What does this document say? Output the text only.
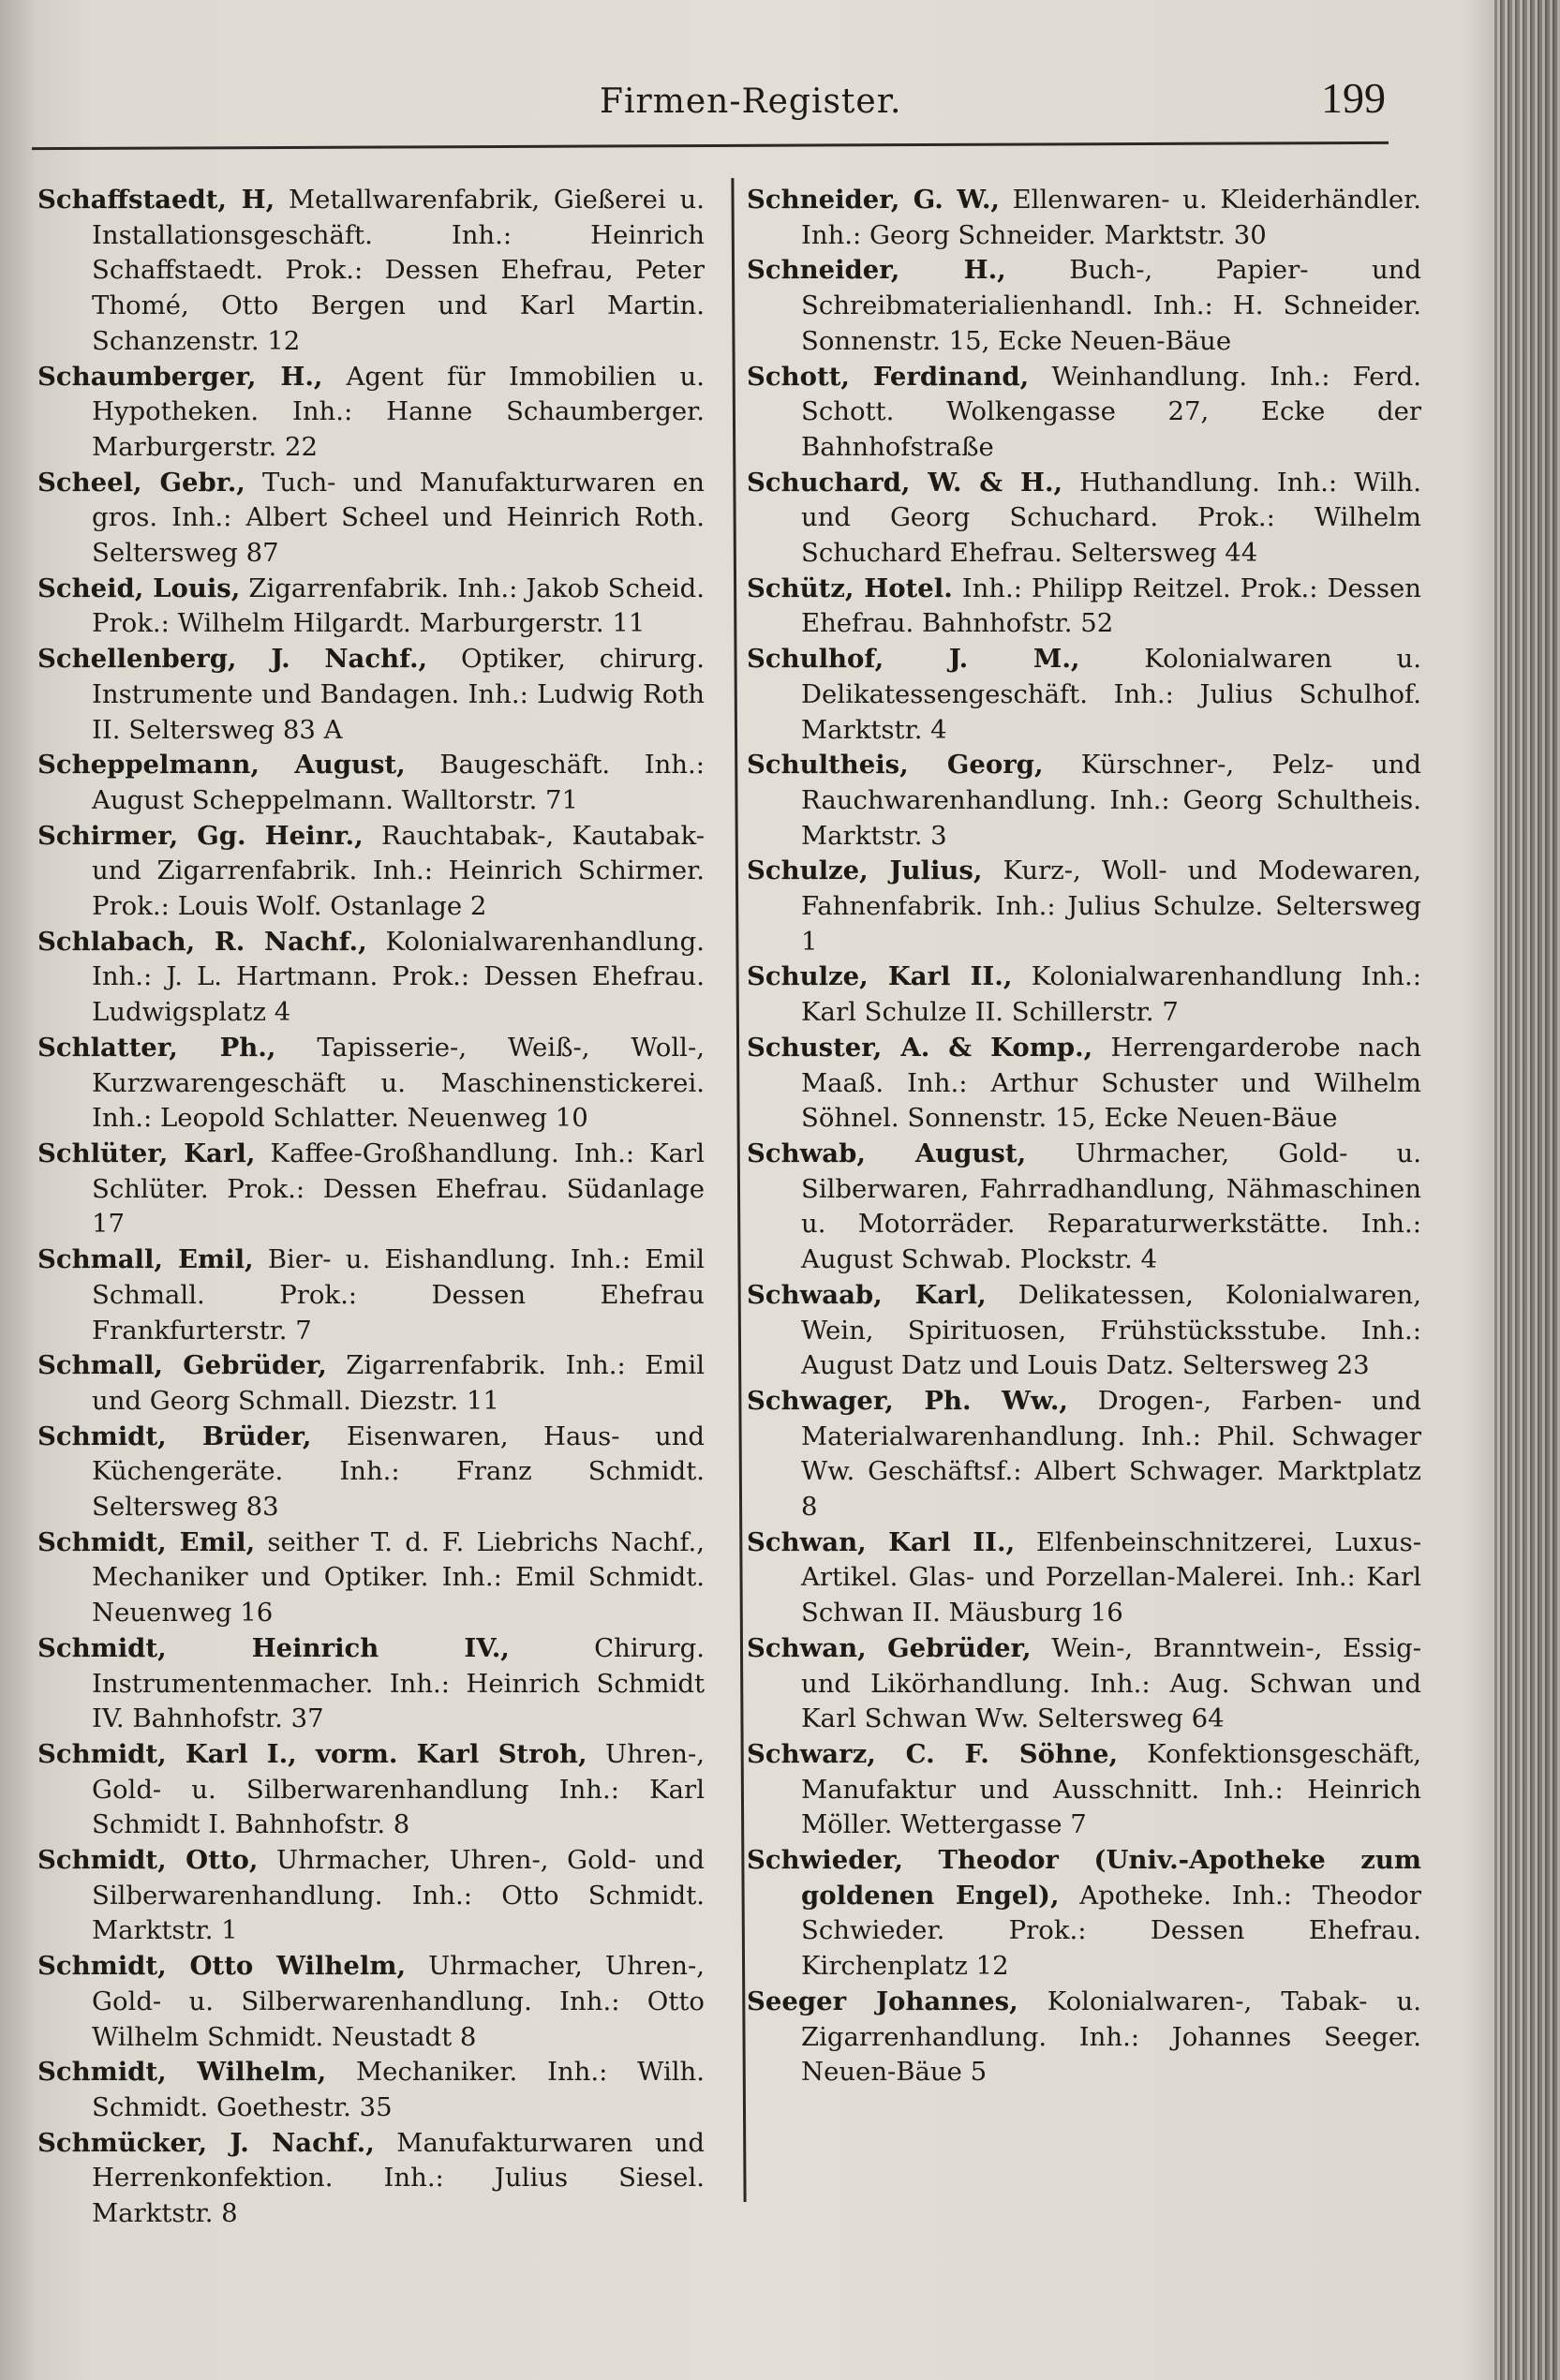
Firmen-Register.	199

Schaffstaedt, H, Metallwarenfabrik, Gießerei u. Installationsgeschäft. Inh.: Heinrich Schaffstaedt. Prok.: Dessen Ehefrau, Peter Thomé, Otto Bergen und Karl Martin. Schanzenstr. 12

Schaumberger, H., Agent für Immobilien u. Hypotheken. Inh.: Hanne Schaumberger. Marburgerstr. 22

Scheel, Gebr., Tuch- und Manufakturwaren en gros. Inh.: Albert Scheel und Heinrich Roth. Seltersweg 87

Scheid, Louis, Zigarrenfabrik. Inh.: Jakob Scheid. Prok.: Wilhelm Hilgardt. Marburgerstr. 11

Schellenberg, J. Nachf., Optiker, chirurg. Instrumente und Bandagen. Inh.: Ludwig Roth II. Seltersweg 83 A

Scheppelmann, August, Baugeschäft. Inh.: August Scheppelmann. Walltorstr. 71

Schirmer, Gg. Heinr., Rauchtabak-, Kautabak- und Zigarrenfabrik. Inh.: Heinrich Schirmer. Prok.: Louis Wolf. Ostanlage 2

Schlabach, R. Nachf., Kolonialwarenhandlung. Inh.: J. L. Hartmann. Prok.: Dessen Ehefrau. Ludwigsplatz 4

Schlatter, Ph., Tapisserie-, Weiß-, Woll-, Kurzwarengeschäft u. Maschinenstickerei. Inh.: Leopold Schlatter. Neuenweg 10

Schlüter, Karl, Kaffee-Großhandlung. Inh.: Karl Schlüter. Prok.: Dessen Ehefrau. Südanlage 17

Schmall, Emil, Bier- u. Eishandlung. Inh.: Emil Schmall. Prok.: Dessen Ehefrau Frankfurterstr. 7

Schmall, Gebrüder, Zigarrenfabrik. Inh.: Emil und Georg Schmall. Diezstr. 11

Schmidt, Brüder, Eisenwaren, Haus- und Küchengeräte. Inh.: Franz Schmidt. Seltersweg 83

Schmidt, Emil, seither T. d. F. Liebrichs Nachf., Mechaniker und Optiker. Inh.: Emil Schmidt. Neuenweg 16

Schmidt, Heinrich IV.,	Chirurg. Instrumentenmacher. Inh.: Heinrich Schmidt IV. Bahnhofstr. 37

Schmidt, Karl I., vorm. Karl Stroh, Uhren-, Gold- u. Silberwarenhandlung Inh.: Karl Schmidt I. Bahnhofstr. 8

Schmidt, Otto, Uhrmacher, Uhren-, Gold- und Silberwarenhandlung. Inh.: Otto Schmidt. Marktstr. 1

Schmidt, Otto Wilhelm, Uhrmacher, Uhren-, Gold- u. Silberwarenhandlung. Inh.: Otto Wilhelm Schmidt. Neustadt 8

Schmidt, Wilhelm, Mechaniker. Inh.: Wilh. Schmidt. Goethestr. 35

Schmücker, J. Nachf., Manufakturwaren und Herrenkonfektion. Inh.: Julius Siesel. Marktstr. 8

Schneider, G. W., Ellenwaren- u. Kleiderhändler. Inh.: Georg Schneider. Marktstr. 30

Schneider, H., Buch-, Papier- und Schreibmaterialienhandl. Inh.: H. Schneider. Sonnenstr. 15, Ecke Neuen-Bäue

Schott, Ferdinand, Weinhandlung. Inh.: Ferd. Schott. Wolkengasse 27, Ecke der Bahnhofstraße

Schuchard, W. & H., Huthandlung. Inh.: Wilh. und Georg Schuchard. Prok.: Wilhelm Schuchard Ehefrau. Seltersweg 44

Schütz, Hotel. Inh.: Philipp Reitzel. Prok.: Dessen Ehefrau. Bahnhofstr. 52

Schulhof, J. M.,	Kolonialwaren u. Delikatessengeschäft. Inh.: Julius Schulhof. Marktstr. 4

Schultheis, Georg, Kürschner-, Pelz- und Rauchwarenhandlung. Inh.: Georg Schultheis. Marktstr. 3

Schulze, Julius, Kurz-, Woll- und Modewaren, Fahnenfabrik. Inh.: Julius Schulze. Seltersweg 1

Schulze, Karl II., Kolonialwarenhandlung Inh.: Karl Schulze II. Schillerstr. 7

Schuster, A. & Komp., Herrengarderobe nach Maaß. Inh.: Arthur Schuster und Wilhelm Söhnel. Sonnenstr. 15, Ecke Neuen-Bäue

Schwab, August, Uhrmacher, Gold- u. Silberwaren, Fahrradhandlung, Nähmaschinen u. Motorräder. Reparaturwerkstätte. Inh.: August Schwab. Plockstr. 4

Schwaab, Karl, Delikatessen, Kolonialwaren, Wein, Spirituosen, Frühstücksstube. Inh.: August Datz und Louis Datz. Seltersweg 23

Schwager, Ph. Ww., Drogen-, Farben- und Materialwarenhandlung. Inh.: Phil. Schwager Ww. Geschäftsf.: Albert Schwager. Marktplatz 8

Schwan, Karl II., Elfenbeinschnitzerei, Luxus-Artikel. Glas- und Porzellan-Malerei. Inh.: Karl Schwan II. Mäusburg 16

Schwan, Gebrüder, Wein-, Branntwein-, Essig- und Likörhandlung. Inh.: Aug. Schwan und Karl Schwan Ww. Seltersweg 64

Schwarz, C. F. Söhne, Konfektionsgeschäft, Manufaktur und Ausschnitt. Inh.: Heinrich Möller. Wettergasse 7

Schwieder, Theodor (Univ.-Apotheke zum goldenen Engel), Apotheke. Inh.: Theodor Schwieder. Prok.: Dessen Ehefrau. Kirchenplatz 12

Seeger Johannes, Kolonialwaren-, Tabak- u. Zigarrenhandlung. Inh.: Johannes Seeger. Neuen-Bäue 5
